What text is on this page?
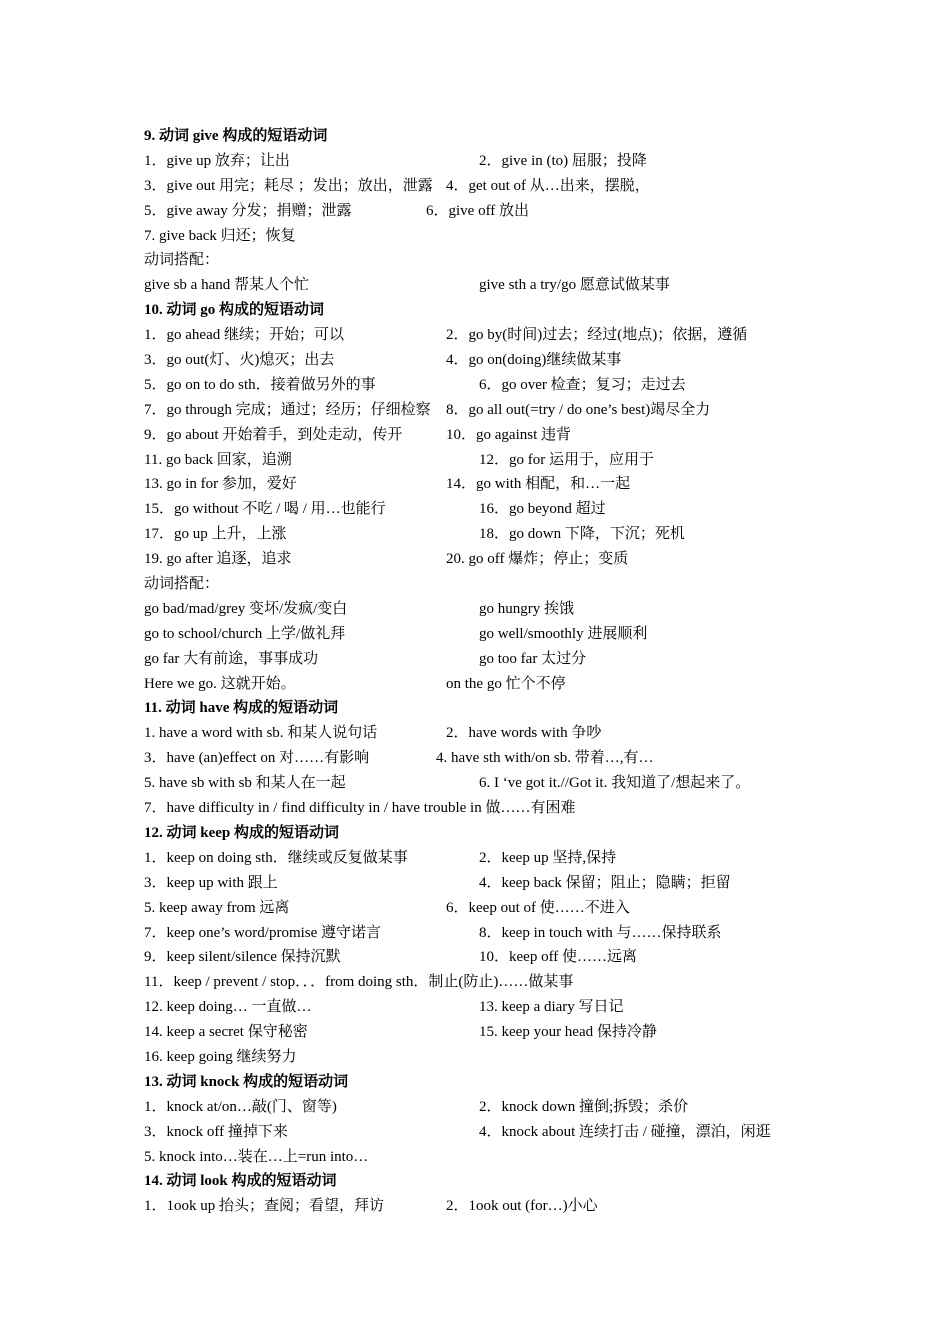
9. 动词 give 构成的短语动词
1．give up 放弃；让出	2．give in (to) 屈服；投降
3．give out 用完；耗尽 ；发出；放出，泄露 4．get out of 从…出来，摆脱，
5．give away 分发；捐赠；泄露	6．give off 放出
7. give back 归还；恢复
动词搭配：
give sb a hand 帮某人个忙	give sth a try/go 愿意试做某事
10. 动词 go 构成的短语动词
1．go ahead 继续；开始；可以	2．go by(时间)过去；经过(地点)；依据，遵循
3．go out(灯、火)熄灭；出去	4．go on(doing)继续做某事
5．go on to do sth．接着做另外的事	6．go over 检查；复习；走过去
7．go through 完成；通过；经历；仔细检察 8．go all out(=try / do one’s best)竭尽全力
9．go about 开始着手，到处走动，传开	10．go against 违背
11. go back 回家，追溯	12．go for 运用于，应用于
13. go in for 参加，爱好	14．go with 相配，和…一起
15．go without 不吃 / 喝 / 用…也能行	16．go beyond 超过
17．go up 上升，上涨	18．go down 下降，下沉；死机
19. go after 追逐，追求	20. go off 爆炸；停止；变质
动词搭配：
go bad/mad/grey 变坏/发疯/变白	go hungry 挨饿
go to school/church 上学/做礼拜	go well/smoothly 进展顺利
go far 大有前途，事事成功	go too far 太过分
Here we go. 这就开始。	on the go 忙个不停
11. 动词 have 构成的短语动词
1. have a word with sb. 和某人说句话	2．have words with 争吵
3．have (an)effect on 对……有影响	4. have sth with/on sb. 带着…,有…
5. have sb with sb 和某人在一起	6. I ‘ve got it.//Got it. 我知道了/想起来了。
7．have difficulty in / find difficulty in / have trouble in 做……有困难
12. 动词 keep 构成的短语动词
1．keep on doing sth．继续或反复做某事	2．keep up 坚持,保持
3．keep up with 跟上	4．keep back 保留；阻止；隐瞒；拒留
5. keep away from 远离	6．keep out of 使……不进入
7．keep one’s word/promise 遵守诺言	8．keep in touch with 与……保持联系
9．keep silent/silence 保持沉默	10．keep off 使……远离
11．keep / prevent / stop．．．from doing sth．制止(防止)……做某事
12. keep doing… 一直做…	13. keep a diary 写日记
14. keep a secret 保守秘密	15. keep your head 保持冷静
16. keep going 继续努力
13. 动词 knock 构成的短语动词
1．knock at/on…敲(门、窗等)	2．knock down 撞倒;拆毁；杀价
3．knock off 撞掉下来	4．knock about 连续打击 / 碰撞，漂泊，闲逛
5. knock into…装在…上=run into…
14. 动词 look 构成的短语动词
1．1ook up 抬头；查阅；看望，拜访	2．1ook out (for…)小心
